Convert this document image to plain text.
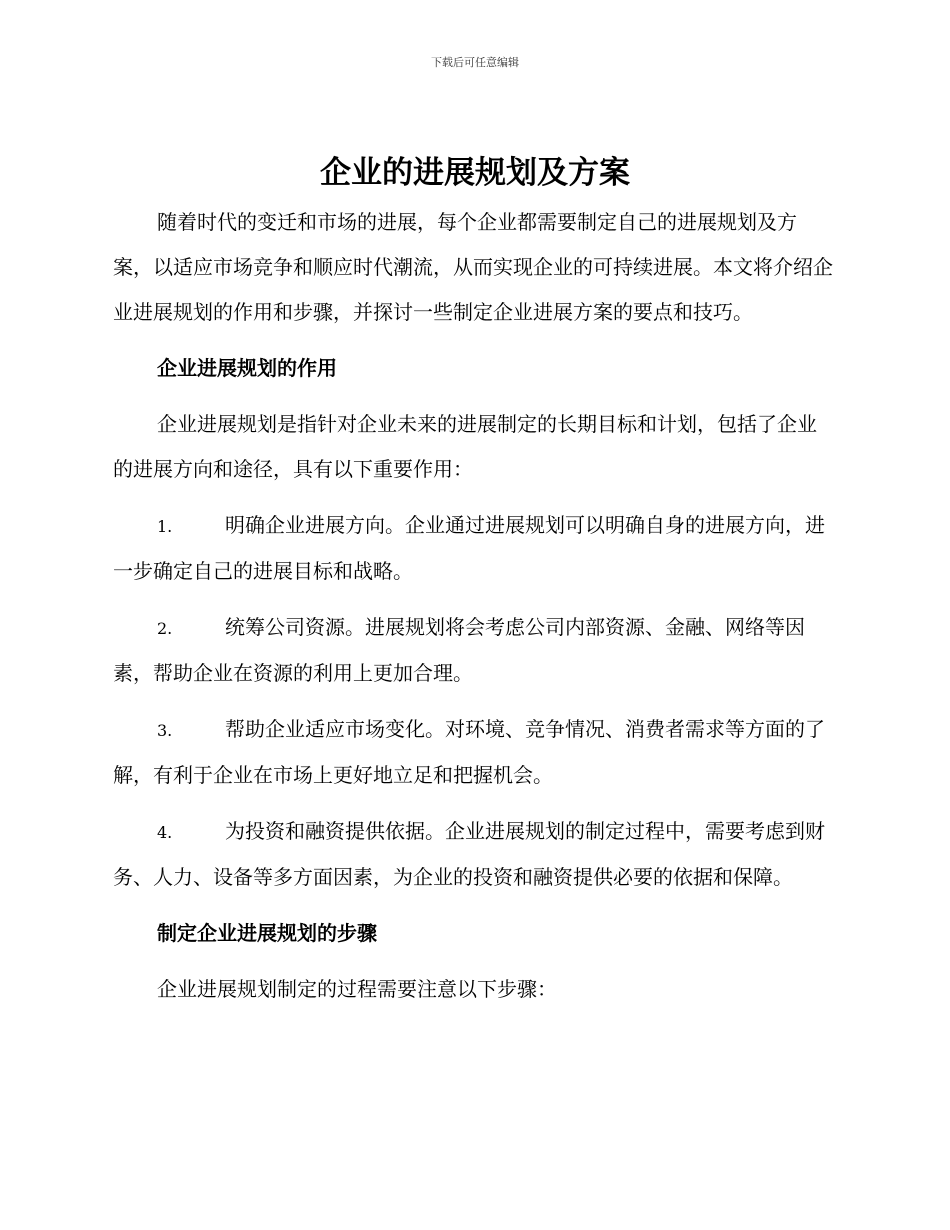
下载后可任意编辑
企业的进展规划及方案

随着时代的变迁和市场的进展，每个企业都需要制定自己的进展规划及方案，以适应市场竞争和顺应时代潮流，从而实现企业的可持续进展。本文将介绍企业进展规划的作用和步骤，并探讨一些制定企业进展方案的要点和技巧。

企业进展规划的作用

企业进展规划是指针对企业未来的进展制定的长期目标和计划，包括了企业的进展方向和途径，具有以下重要作用：

1.	明确企业进展方向。企业通过进展规划可以明确自身的进展方向，进一步确定自己的进展目标和战略。

2.	统筹公司资源。进展规划将会考虑公司内部资源、金融、网络等因素，帮助企业在资源的利用上更加合理。

3.	帮助企业适应市场变化。对环境、竞争情况、消费者需求等方面的了解，有利于企业在市场上更好地立足和把握机会。

4.	为投资和融资提供依据。企业进展规划的制定过程中，需要考虑到财务、人力、设备等多方面因素，为企业的投资和融资提供必要的依据和保障。

制定企业进展规划的步骤

企业进展规划制定的过程需要注意以下步骤：
